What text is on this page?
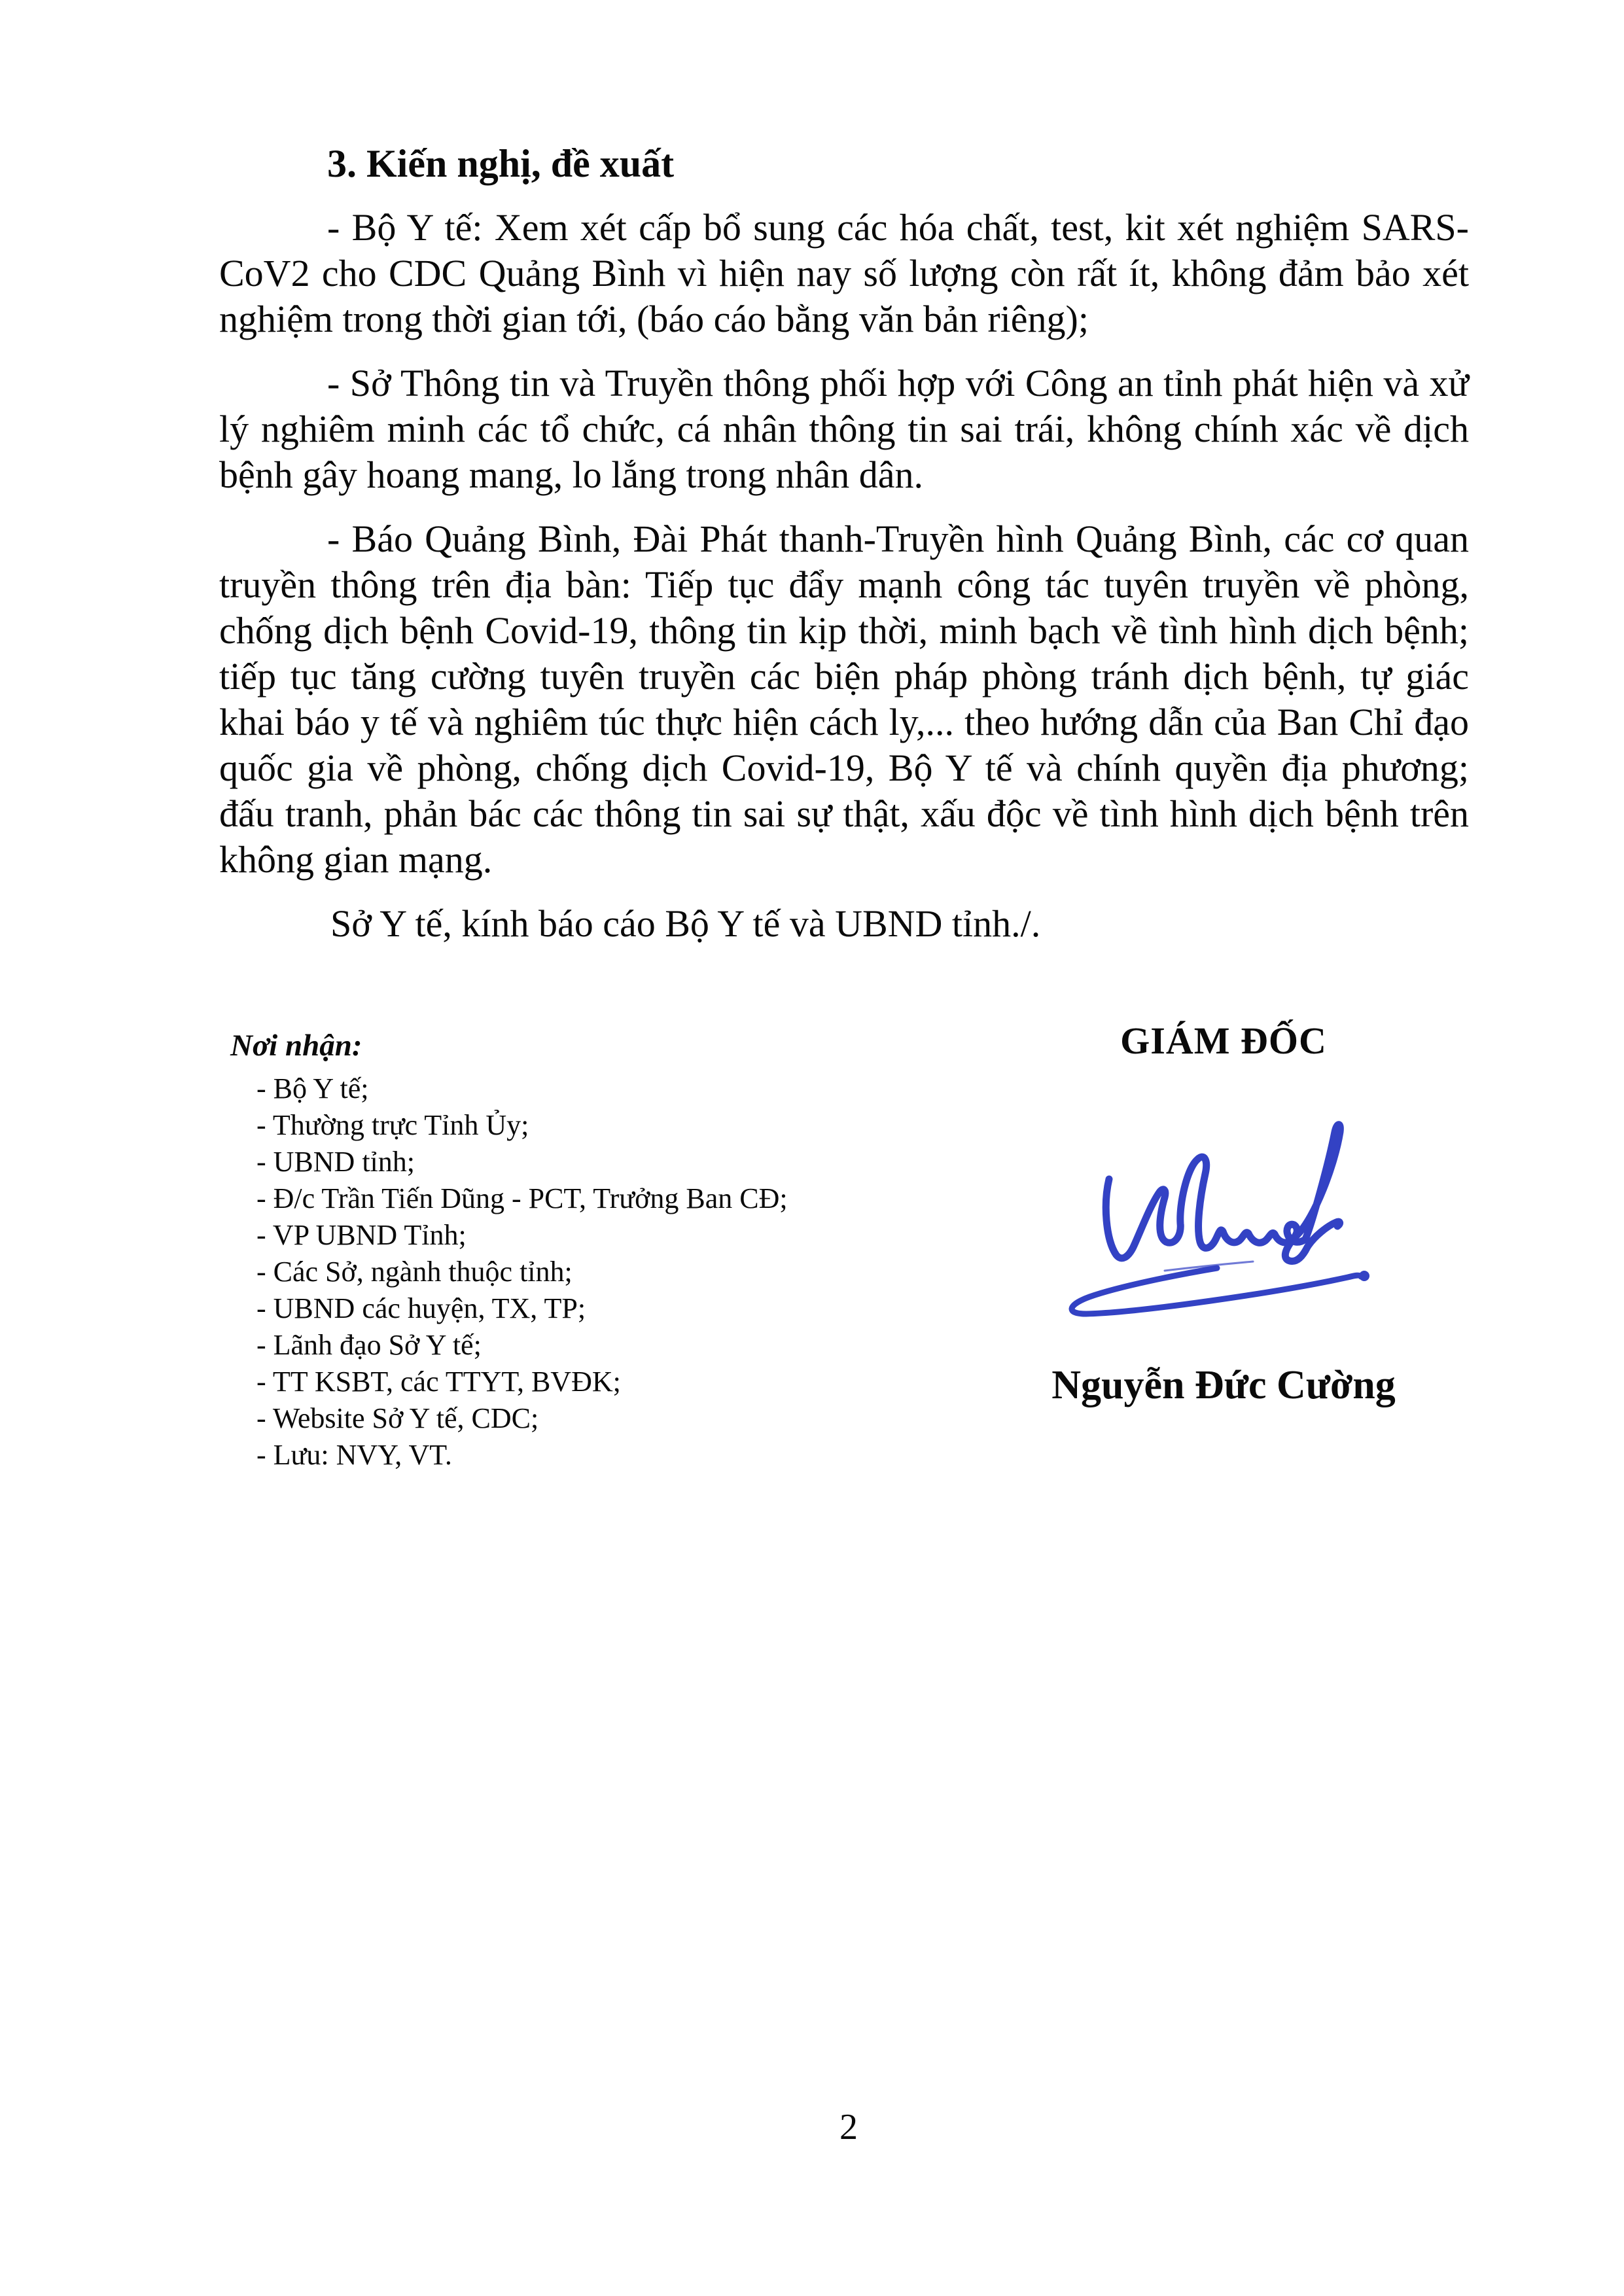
3. Kiến nghị, đề xuất

- Bộ Y tế: Xem xét cấp bổ sung các hóa chất, test, kit xét nghiệm SARS-CoV2 cho CDC Quảng Bình vì hiện nay số lượng còn rất ít, không đảm bảo xét nghiệm trong thời gian tới, (báo cáo bằng văn bản riêng);

- Sở Thông tin và Truyền thông phối hợp với Công an tỉnh phát hiện và xử lý nghiêm minh các tổ chức, cá nhân thông tin sai trái, không chính xác về dịch bệnh gây hoang mang, lo lắng trong nhân dân.

- Báo Quảng Bình, Đài Phát thanh-Truyền hình Quảng Bình, các cơ quan truyền thông trên địa bàn: Tiếp tục đẩy mạnh công tác tuyên truyền về phòng, chống dịch bệnh Covid-19, thông tin kịp thời, minh bạch về tình hình dịch bệnh; tiếp tục tăng cường tuyên truyền các biện pháp phòng tránh dịch bệnh, tự giác khai báo y tế và nghiêm túc thực hiện cách ly,... theo hướng dẫn của Ban Chỉ đạo quốc gia về phòng, chống dịch Covid-19, Bộ Y tế và chính quyền địa phương; đấu tranh, phản bác các thông tin sai sự thật, xấu độc về tình hình dịch bệnh trên không gian mạng.

Sở Y tế, kính báo cáo Bộ Y tế và UBND tỉnh./.

Nơi nhận:
- Bộ Y tế;
- Thường trực Tỉnh Ủy;
- UBND tỉnh;
- Đ/c Trần Tiến Dũng - PCT, Trưởng Ban CĐ;
- VP UBND Tỉnh;
- Các Sở, ngành thuộc tỉnh;
- UBND các huyện, TX, TP;
- Lãnh đạo Sở Y tế;
- TT KSBT, các TTYT, BVĐK;
- Website Sở Y tế, CDC;
- Lưu: NVY, VT.
GIÁM ĐỐC
Nguyễn Đức Cường
2
